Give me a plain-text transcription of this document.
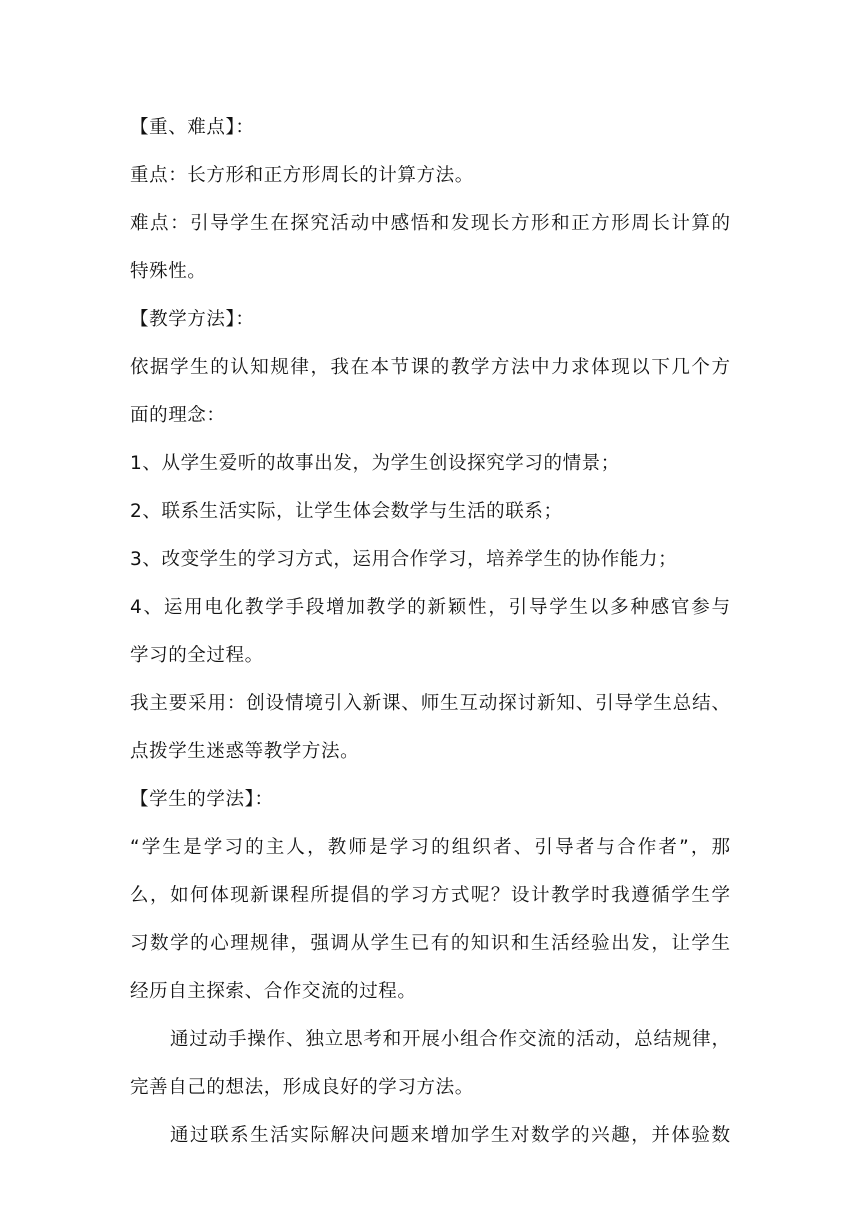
【重、难点】：
重点：长方形和正方形周长的计算方法。
难点：引导学生在探究活动中感悟和发现长方形和正方形周长计算的
特殊性。
【教学方法】：
依据学生的认知规律，我在本节课的教学方法中力求体现以下几个方
面的理念：
1、从学生爱听的故事出发，为学生创设探究学习的情景；
2、联系生活实际，让学生体会数学与生活的联系；
3、改变学生的学习方式，运用合作学习，培养学生的协作能力；
4、运用电化教学手段增加教学的新颖性，引导学生以多种感官参与
学习的全过程。
我主要采用：创设情境引入新课、师生互动探讨新知、引导学生总结、
点拨学生迷惑等教学方法。
【学生的学法】：
“学生是学习的主人，教师是学习的组织者、引导者与合作者”，那
么，如何体现新课程所提倡的学习方式呢？设计教学时我遵循学生学
习数学的心理规律，强调从学生已有的知识和生活经验出发，让学生
经历自主探索、合作交流的过程。
通过动手操作、独立思考和开展小组合作交流的活动，总结规律，
完善自己的想法，形成良好的学习方法。
通过联系生活实际解决问题来增加学生对数学的兴趣，并体验数
